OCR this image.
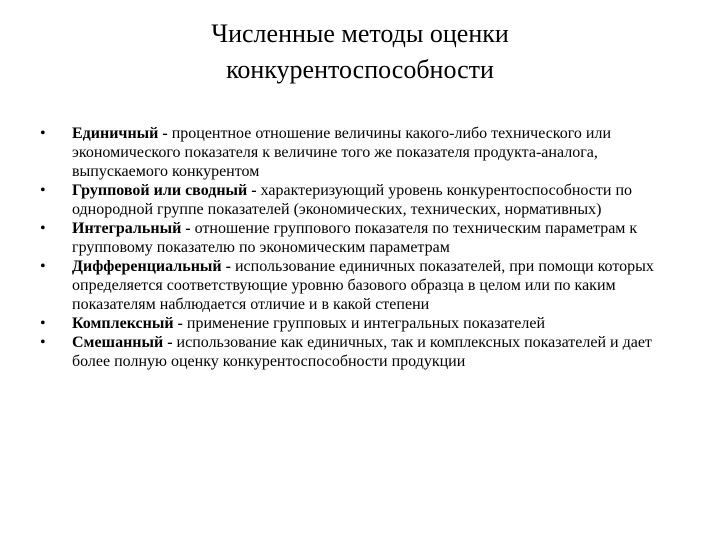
Численные методы оценки
конкурентоспособности
•	Единичный - процентное отношение величины какого-либо технического или экономического показателя к величине того же показателя продукта-аналога, выпускаемого конкурентом
•	Групповой или сводный - характеризующий уровень конкурентоспособности по однородной группе показателей (экономических, технических, нормативных)
•	Интегральный - отношение группового показателя по техническим параметрам к групповому показателю по экономическим параметрам
•	Дифференциальный - использование единичных показателей, при помощи которых определяется соответствующие уровню базового образца в целом или по каким показателям наблюдается отличие и в какой степени
•	Комплексный - применение групповых и интегральных показателей
•	Смешанный - использование как единичных, так и комплексных показателей и дает более полную оценку конкурентоспособности продукции
